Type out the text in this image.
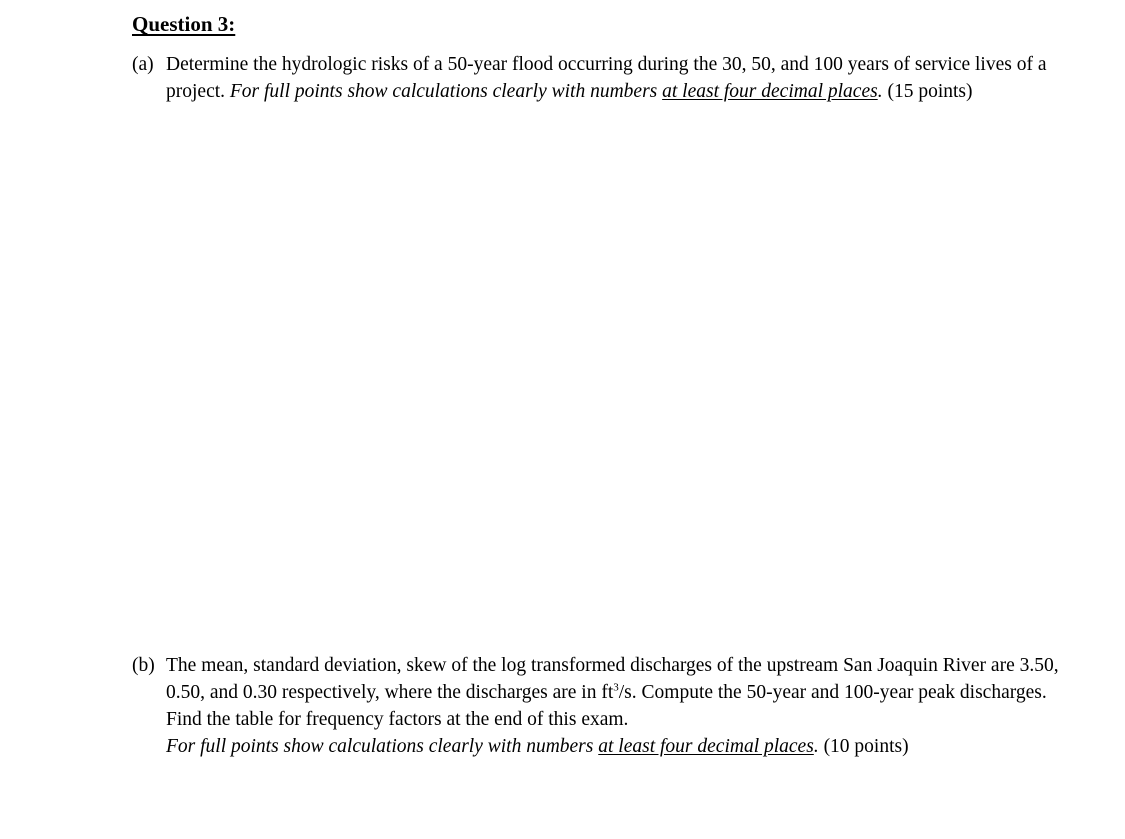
Question 3:
(a) Determine the hydrologic risks of a 50-year flood occurring during the 30, 50, and 100 years of service lives of a project. For full points show calculations clearly with numbers at least four decimal places. (15 points)

(b) The mean, standard deviation, skew of the log transformed discharges of the upstream San Joaquin River are 3.50, 0.50, and 0.30 respectively, where the discharges are in $ft^3/s$. Compute the 50-year and 100-year peak discharges. Find the table for frequency factors at the end of this exam.

For full points show calculations clearly with numbers at least four decimal places. (10 points)
